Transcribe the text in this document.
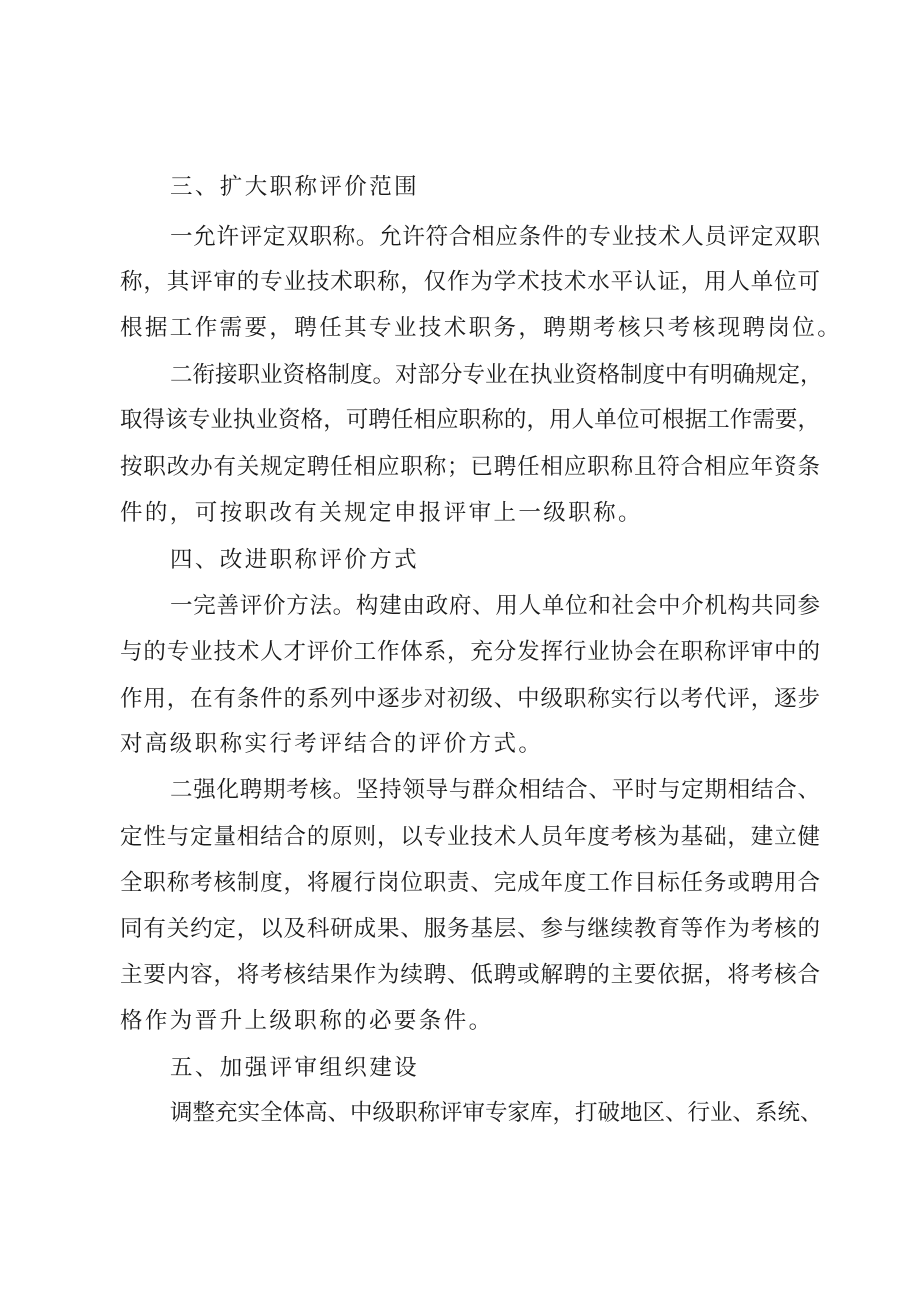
三、扩大职称评价范围
一允许评定双职称。允许符合相应条件的专业技术人员评定双职
称，其评审的专业技术职称，仅作为学术技术水平认证，用人单位可
根据工作需要，聘任其专业技术职务，聘期考核只考核现聘岗位。
二衔接职业资格制度。对部分专业在执业资格制度中有明确规定，
取得该专业执业资格，可聘任相应职称的，用人单位可根据工作需要，
按职改办有关规定聘任相应职称；已聘任相应职称且符合相应年资条
件的，可按职改有关规定申报评审上一级职称。
四、改进职称评价方式
一完善评价方法。构建由政府、用人单位和社会中介机构共同参
与的专业技术人才评价工作体系，充分发挥行业协会在职称评审中的
作用，在有条件的系列中逐步对初级、中级职称实行以考代评，逐步
对高级职称实行考评结合的评价方式。
二强化聘期考核。坚持领导与群众相结合、平时与定期相结合、
定性与定量相结合的原则，以专业技术人员年度考核为基础，建立健
全职称考核制度，将履行岗位职责、完成年度工作目标任务或聘用合
同有关约定，以及科研成果、服务基层、参与继续教育等作为考核的
主要内容，将考核结果作为续聘、低聘或解聘的主要依据，将考核合
格作为晋升上级职称的必要条件。
五、加强评审组织建设
调整充实全体高、中级职称评审专家库，打破地区、行业、系统、
